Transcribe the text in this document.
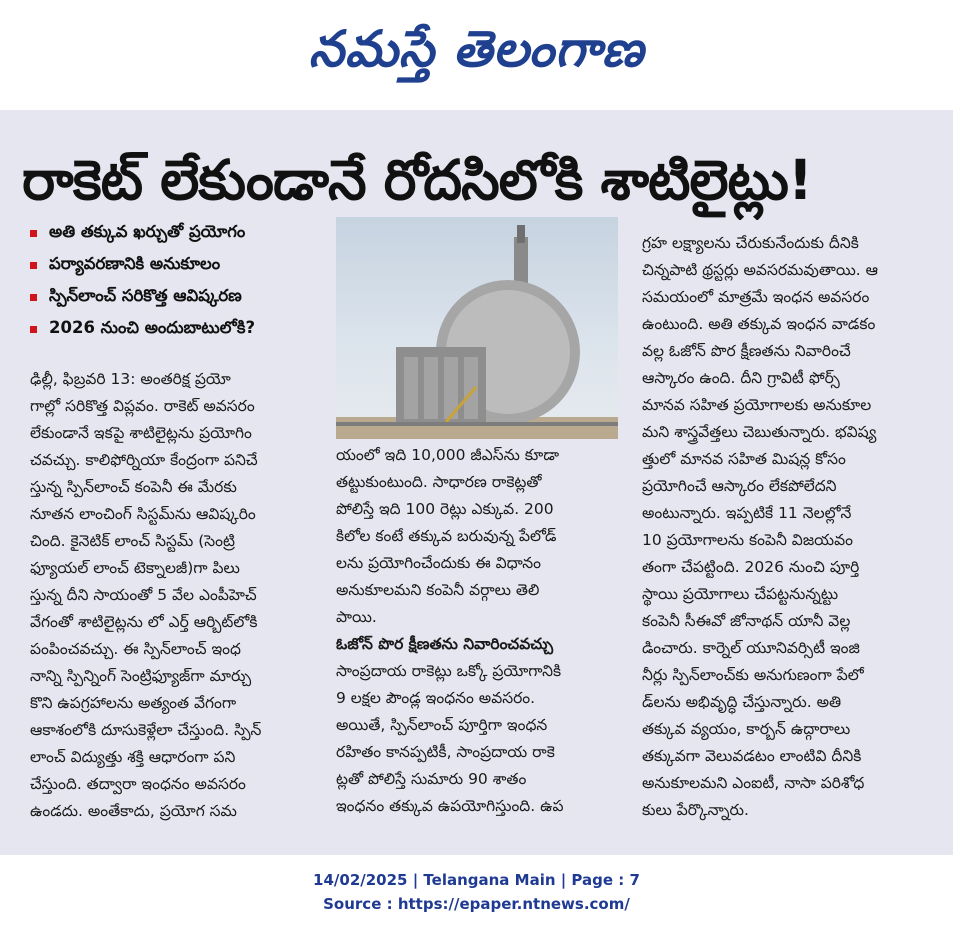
నమస్తే తెలంగాణ
రాకెట్ లేకుండానే రోదసిలోకి శాటిలైట్లు!
అతి తక్కువ ఖర్చుతో ప్రయోగం
పర్యావరణానికి అనుకూలం
స్పిన్‌లాంచ్ సరికొత్త ఆవిష్కరణ
2026 నుంచి అందుబాటులోకి?

ఢిల్లీ, ఫిబ్రవరి 13: అంతరిక్ష ప్రయో

గాల్లో సరికొత్త విప్లవం. రాకెట్ అవసరం

లేకుండానే ఇకపై శాటిలైట్లను ప్రయోగిం

చవచ్చు. కాలిఫోర్నియా కేంద్రంగా పనిచే

స్తున్న స్పిన్‌లాంచ్ కంపెనీ ఈ మేరకు

నూతన లాంచింగ్ సిస్టమ్‌ను ఆవిష్కరిం

చింది. కైనెటిక్ లాంచ్ సిస్టమ్ (సెంట్రి

ఫ్యూయల్ లాంచ్ టెక్నాలజీ)గా పిలు

స్తున్న దీని సాయంతో 5 వేల ఎంపీహెచ్

వేగంతో శాటిలైట్లను లో ఎర్త్ ఆర్బిట్‌లోకి

పంపించవచ్చు. ఈ స్పిన్‌లాంచ్ ఇంధ

నాన్ని స్పిన్నింగ్ సెంట్రిఫ్యూజ్‌గా మార్చు

కొని ఉపగ్రహాలను అత్యంత వేగంగా

ఆకాశంలోకి దూసుకెళ్లేలా చేస్తుంది. స్పిన్

లాంచ్ విద్యుత్తు శక్తి ఆధారంగా పని

చేస్తుంది. తద్వారా ఇంధనం అవసరం

ఉండదు. అంతేకాదు, ప్రయోగ సమ

యంలో ఇది 10,000 జీఎస్‌ను కూడా

తట్టుకుంటుంది. సాధారణ రాకెట్లతో

పోలిస్తే ఇది 100 రెట్లు ఎక్కువ. 200

కిలోల కంటే తక్కువ బరువున్న పేలోడ్

లను ప్రయోగించేందుకు ఈ విధానం

అనుకూలమని కంపెనీ వర్గాలు తెలి

పాయి.

ఓజోన్ పొర క్షీణతను నివారించవచ్చు

సాంప్రదాయ రాకెట్లు ఒక్కో ప్రయోగానికి

9 లక్షల పౌండ్ల ఇంధనం అవసరం.

అయితే, స్పిన్‌లాంచ్ పూర్తిగా ఇంధన

రహితం కానప్పటికీ, సాంప్రదాయ రాకె

ట్లతో పోలిస్తే సుమారు 90 శాతం

ఇంధనం తక్కువ ఉపయోగిస్తుంది. ఉప

గ్రహ లక్ష్యాలను చేరుకునేందుకు దీనికి

చిన్నపాటి థ్రస్టర్లు అవసరమవుతాయి. ఆ

సమయంలో మాత్రమే ఇంధన అవసరం

ఉంటుంది. అతి తక్కువ ఇంధన వాడకం

వల్ల ఓజోన్ పొర క్షీణతను నివారించే

ఆస్కారం ఉంది. దీని గ్రావిటీ ఫోర్స్

మానవ సహిత ప్రయోగాలకు అనుకూల

మని శాస్త్రవేత్తలు చెబుతున్నారు. భవిష్య

త్తులో మానవ సహిత మిషన్ల కోసం

ప్రయోగించే ఆస్కారం లేకపోలేదని

అంటున్నారు. ఇప్పటికే 11 నెలల్లోనే

10 ప్రయోగాలను కంపెనీ విజయవం

తంగా చేపట్టింది. 2026 నుంచి పూర్తి

స్థాయి ప్రయోగాలు చేపట్టనున్నట్టు

కంపెనీ సీఈవో జోనాథన్ యానీ వెల్ల

డించారు. కార్నెల్ యూనివర్సిటీ ఇంజి

నీర్లు స్పిన్‌లాంచ్‌కు అనుగుణంగా పేలో

డ్‌లను అభివృద్ధి చేస్తున్నారు. అతి

తక్కువ వ్యయం, కార్బన్ ఉద్గారాలు

తక్కువగా వెలువడటం లాంటివి దీనికి

అనుకూలమని ఎంఐటీ, నాసా పరిశోధ

కులు పేర్కొన్నారు.

14/02/2025 | Telangana Main | Page : 7
Source : https://epaper.ntnews.com/
